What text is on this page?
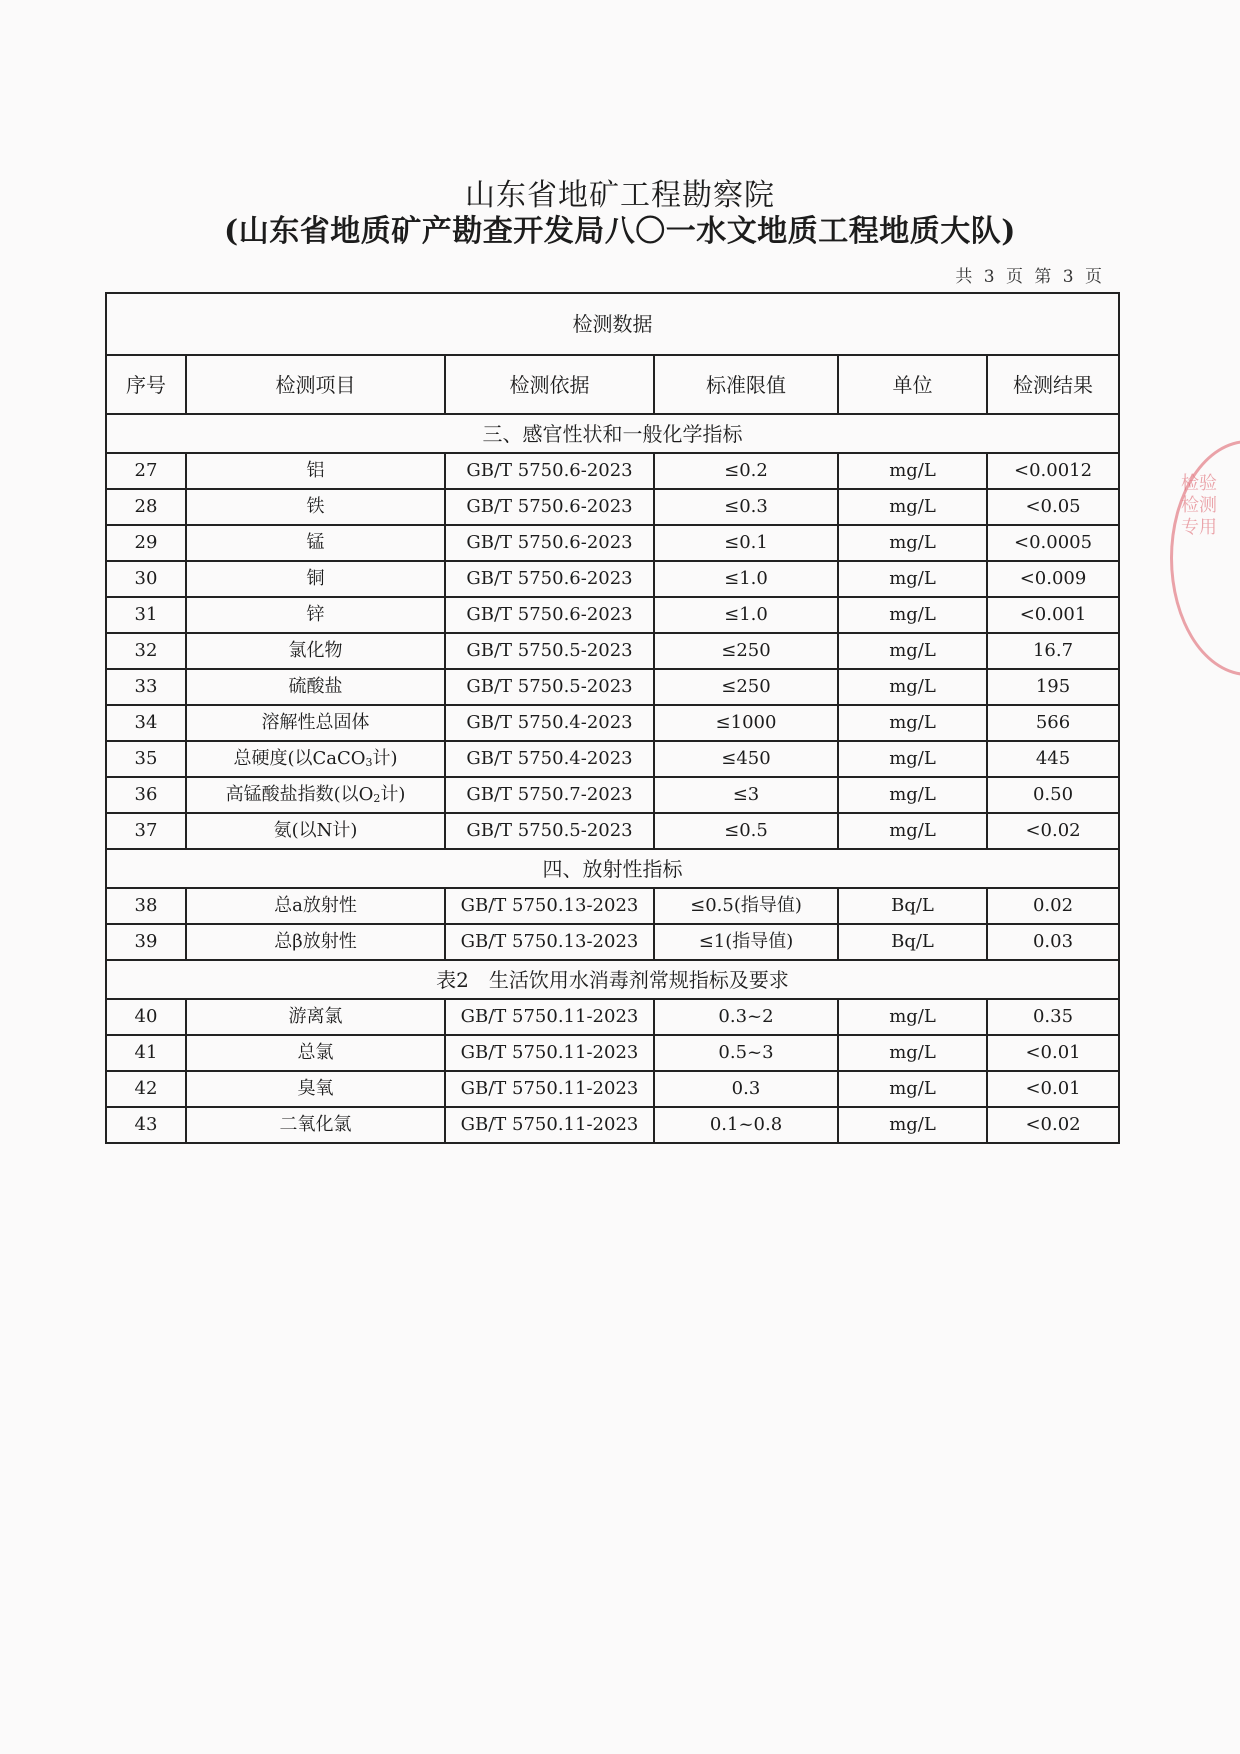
山东省地矿工程勘察院
(山东省地质矿产勘查开发局八〇一水文地质工程地质大队)
共 3 页 第 3 页
检测数据					
序号	检测项目	检测依据	标准限值	单位	检测结果
三、感官性状和一般化学指标					
27	铝	GB/T 5750.6-2023	≤0.2	mg/L	<0.0012
28	铁	GB/T 5750.6-2023	≤0.3	mg/L	<0.05
29	锰	GB/T 5750.6-2023	≤0.1	mg/L	<0.0005
30	铜	GB/T 5750.6-2023	≤1.0	mg/L	<0.009
31	锌	GB/T 5750.6-2023	≤1.0	mg/L	<0.001
32	氯化物	GB/T 5750.5-2023	≤250	mg/L	16.7
33	硫酸盐	GB/T 5750.5-2023	≤250	mg/L	195
34	溶解性总固体	GB/T 5750.4-2023	≤1000	mg/L	566
35	总硬度(以CaCO$_3$计)	GB/T 5750.4-2023	≤450	mg/L	445
36	高锰酸盐指数(以$O_2$计)	GB/T 5750.7-2023	≤3	mg/L	0.50
37	氨(以N计)	GB/T 5750.5-2023	≤0.5	mg/L	<0.02
四、放射性指标					
38	总a放射性	GB/T 5750.13-2023	≤0.5(指导值)	Bq/L	0.02
39	总β放射性	GB/T 5750.13-2023	≤1(指导值)	Bq/L	0.03
表2　生活饮用水消毒剂常规指标及要求					
40	游离氯	GB/T 5750.11-2023	0.3~2	mg/L	0.35
41	总氯	GB/T 5750.11-2023	0.5~3	mg/L	<0.01
42	臭氧	GB/T 5750.11-2023	0.3	mg/L	<0.01
43	二氧化氯	GB/T 5750.11-2023	0.1~0.8	mg/L	<0.02
检验检测专用
